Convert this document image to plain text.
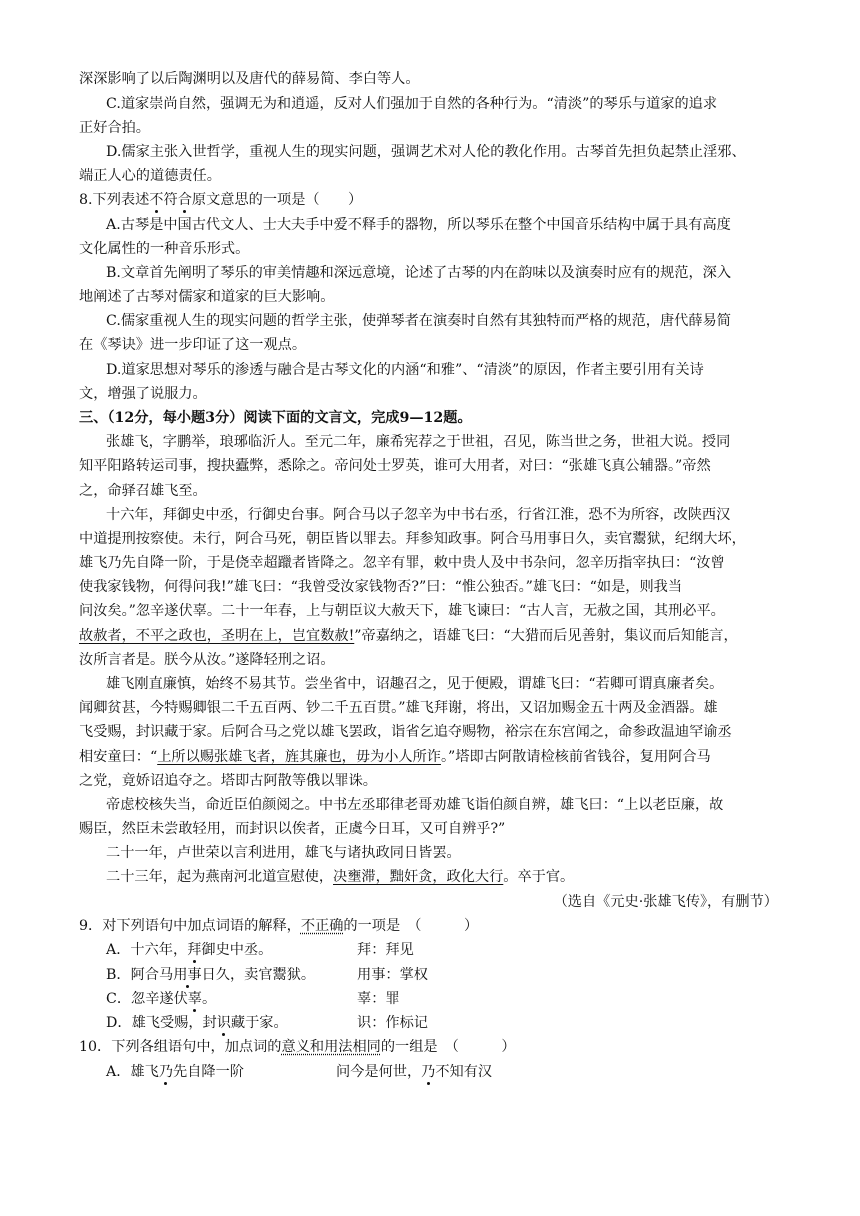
深深影响了以后陶渊明以及唐代的薛易简、李白等人。
C.道家崇尚自然，强调无为和逍遥，反对人们强加于自然的各种行为。“清淡”的琴乐与道家的追求
正好合拍。
D.儒家主张入世哲学，重视人生的现实问题，强调艺术对人伦的教化作用。古琴首先担负起禁止淫邪、
端正人心的道德责任。
8.下列表述不符合原文意思的一项是（　　）
A.古琴是中国古代文人、士大夫手中爱不释手的器物，所以琴乐在整个中国音乐结构中属于具有高度
文化属性的一种音乐形式。
B.文章首先阐明了琴乐的审美情趣和深远意境，论述了古琴的内在韵味以及演奏时应有的规范，深入
地阐述了古琴对儒家和道家的巨大影响。
C.儒家重视人生的现实问题的哲学主张，使弹琴者在演奏时自然有其独特而严格的规范，唐代薛易简
在《琴诀》进一步印证了这一观点。
D.道家思想对琴乐的渗透与融合是古琴文化的内涵“和雅”、“清淡”的原因，作者主要引用有关诗
文，增强了说服力。
三、（12分，每小题3分）阅读下面的文言文，完成9—12题。
张雄飞，字鹏举，琅琊临沂人。至元二年，廉希宪荐之于世祖，召见，陈当世之务，世祖大说。授同
知平阳路转运司事，搜抉蠹弊，悉除之。帝问处士罗英，谁可大用者，对曰：“张雄飞真公辅器。”帝然
之，命驿召雄飞至。
十六年，拜御史中丞，行御史台事。阿合马以子忽辛为中书右丞，行省江淮，恐不为所容，改陕西汉
中道提刑按察使。未行，阿合马死，朝臣皆以罪去。拜参知政事。阿合马用事日久，卖官鬻狱，纪纲大坏，
雄飞乃先自降一阶，于是侥幸超躐者皆降之。忽辛有罪，敕中贵人及中书杂问，忽辛历指宰执曰：“汝曾
使我家钱物，何得问我!”雄飞曰：“我曾受汝家钱物否?”曰：“惟公独否。”雄飞曰：“如是，则我当
问汝矣。”忽辛遂伏辜。二十一年春，上与朝臣议大赦天下，雄飞谏曰：“古人言，无赦之国，其刑必平。
故赦者，不平之政也，圣明在上，岂宜数赦!”帝嘉纳之，语雄飞曰：“大猎而后见善射，集议而后知能言，
汝所言者是。朕今从汝。”遂降轻刑之诏。
雄飞刚直廉慎，始终不易其节。尝坐省中，诏趣召之，见于便殿，谓雄飞曰：“若卿可谓真廉者矣。
闻卿贫甚，今特赐卿银二千五百两、钞二千五百贯。”雄飞拜谢，将出，又诏加赐金五十两及金酒器。雄
飞受赐，封识藏于家。后阿合马之党以雄飞罢政，诣省乞追夺赐物，裕宗在东宫闻之，命参政温迪罕谕丞
相安童曰：“上所以赐张雄飞者，旌其廉也，毋为小人所诈。”塔即古阿散请检核前省钱谷，复用阿合马
之党，竟娇诏追夺之。塔即古阿散等俄以罪诛。
帝虑校核失当，命近臣伯颜阅之。中书左丞耶律老哥劝雄飞诣伯颜自辨，雄飞曰：“上以老臣廉，故
赐臣，然臣未尝敢轻用，而封识以俟者，正虞今日耳，又可自辨乎?”
二十一年，卢世荣以言利进用，雄飞与诸执政同日皆罢。
二十三年，起为燕南河北道宣慰使，决壅滞，黜奸贪，政化大行。卒于官。
（选自《元史·张雄飞传》，有删节）
9．对下列语句中加点词语的解释，不正确的一项是　（　　　）
A．十六年，拜御史中丞。	拜：拜见
B．阿合马用事日久，卖官鬻狱。	用事：掌权
C．忽辛遂伏辜。	辜：罪
D．雄飞受赐，封识藏于家。	识：作标记
10．下列各组语句中，加点词的意义和用法相同的一组是　（　　　）
A．雄飞乃先自降一阶	问今是何世，乃不知有汉
